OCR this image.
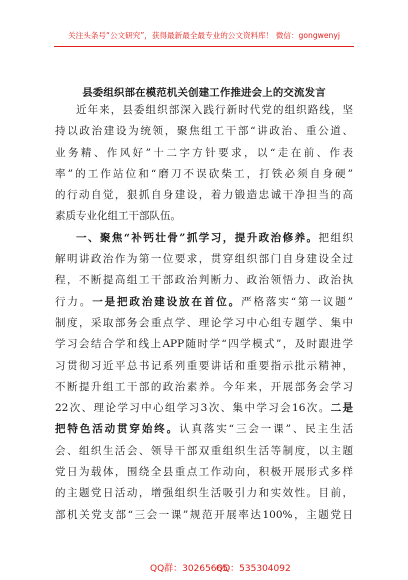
关注头条号“公文研究”，获得最新最全最专业的公文资料库！ 微信：gongwenyj
县委组织部在模范机关创建工作推进会上的交流发言
近年来，县委组织部深入践行新时代党的组织路线，坚
持以政治建设为统领，聚焦组工干部“讲政治、重公道、
业务精、作风好”十二字方针要求，以“走在前、作表
率”的工作站位和“磨刀不误砍柴工，打铁必须自身硬”
的行动自觉，狠抓自身建设，着力锻造忠诚干净担当的高
素质专业化组工干部队伍。
一、聚焦“补钙壮骨”抓学习，提升政治修养。把组织
解明讲政治作为第一位要求，贯穿组织部门自身建设全过
程，不断提高组工干部政治判断力、政治领悟力、政治执
行力。一是把政治建设放在首位。严格落实“第一议题”
制度，采取部务会重点学、理论学习中心组专题学、集中
学习会结合学和线上APP随时学“四学模式”，及时跟进学
习贯彻习近平总书记系列重要讲话和重要指示批示精神，
不断提升组工干部的政治素养。今年来，开展部务会学习
22次、理论学习中心组学习3次、集中学习会16次。二是
把特色活动贯穿始终。认真落实“三会一课”、民主生活
会、组织生活会、领导干部双重组织生活等制度，以主题
党日为载体，围绕全县重点工作动向，积极开展形式多样
的主题党日活动，增强组织生活吸引力和实效性。目前，
部机关党支部“三会一课”规范开展率达100%，主题党日
QQ群：30265665
QQ：535304092
